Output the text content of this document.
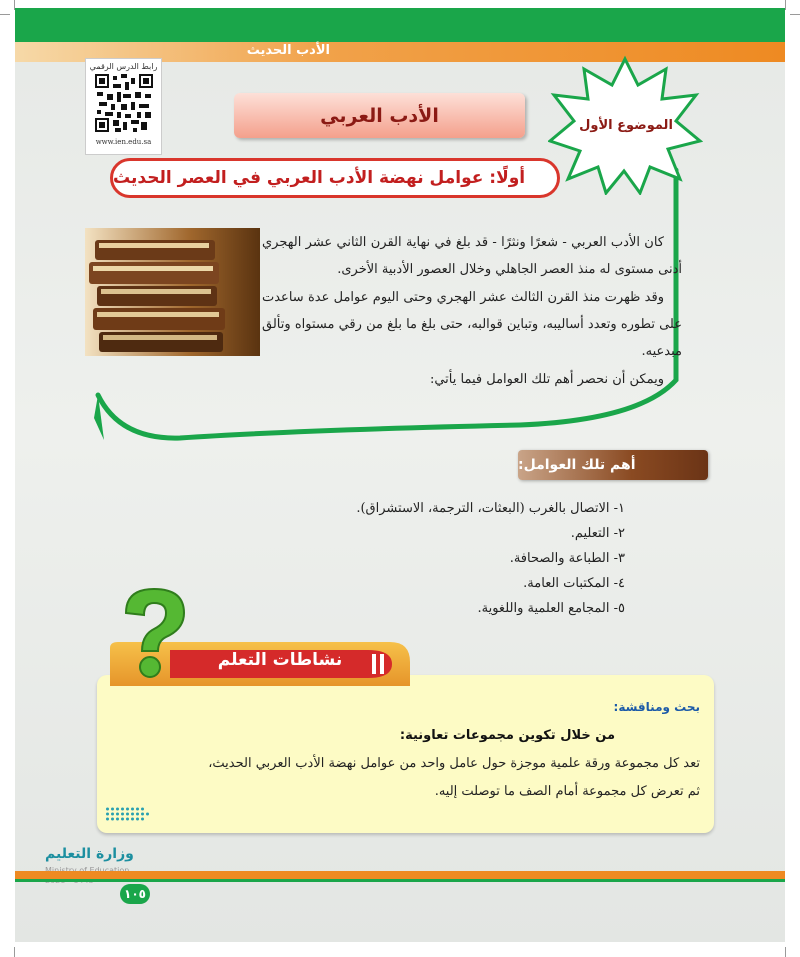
الأدب الحديث
رابط الدرس الرقمي
www.ien.edu.sa
الأدب العربي	الموضوع الأول
أولًا: عوامل نهضة الأدب العربي في العصر الحديث

كان الأدب العربي - شعرًا ونثرًا - قد بلغ في نهاية القرن الثاني عشر الهجري أدنى مستوى له منذ العصر الجاهلي وخلال العصور الأدبية الأخرى.

وقد ظهرت منذ القرن الثالث عشر الهجري وحتى اليوم عوامل عدة ساعدت على تطوره وتعدد أساليبه، وتباين قوالبه، حتى بلغ ما بلغ من رقي مستواه وتألق مبدعيه.

ويمكن أن نحصر أهم تلك العوامل فيما يأتي:

أهم تلك العوامل:
١- الاتصال بالغرب (البعثات، الترجمة، الاستشراق).
٢- التعليم.
٣- الطباعة والصحافة.
٤- المكتبات العامة.
٥- المجامع العلمية واللغوية.
نشاطات التعلم
بحث ومناقشة:
من خلال تكوين مجموعات تعاونية:
تعد كل مجموعة ورقة علمية موجزة حول عامل واحد من عوامل نهضة الأدب العربي الحديث،
ثم تعرض كل مجموعة أمام الصف ما توصلت إليه.
وزارة التعليم
١٠٥
